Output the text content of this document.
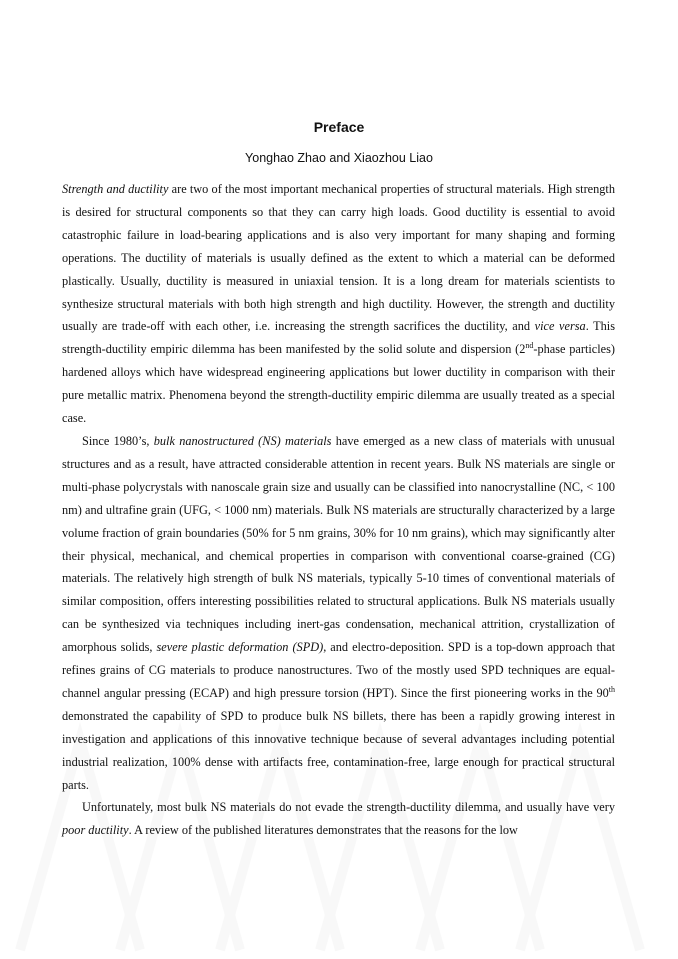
Preface
Yonghao Zhao and Xiaozhou Liao

Strength and ductility are two of the most important mechanical properties of structural materials. High strength is desired for structural components so that they can carry high loads. Good ductility is essential to avoid catastrophic failure in load-bearing applications and is also very important for many shaping and forming operations. The ductility of materials is usually defined as the extent to which a material can be deformed plastically. Usually, ductility is measured in uniaxial tension. It is a long dream for materials scientists to synthesize structural materials with both high strength and high ductility. However, the strength and ductility usually are trade-off with each other, i.e. increasing the strength sacrifices the ductility, and vice versa. This strength-ductility empiric dilemma has been manifested by the solid solute and dispersion (2nd-phase particles) hardened alloys which have widespread engineering applications but lower ductility in comparison with their pure metallic matrix. Phenomena beyond the strength-ductility empiric dilemma are usually treated as a special case.

Since 1980’s, bulk nanostructured (NS) materials have emerged as a new class of materials with unusual structures and as a result, have attracted considerable attention in recent years. Bulk NS materials are single or multi-phase polycrystals with nanoscale grain size and usually can be classified into nanocrystalline (NC, < 100 nm) and ultrafine grain (UFG, < 1000 nm) materials. Bulk NS materials are structurally characterized by a large volume fraction of grain boundaries (50% for 5 nm grains, 30% for 10 nm grains), which may significantly alter their physical, mechanical, and chemical properties in comparison with conventional coarse-grained (CG) materials. The relatively high strength of bulk NS materials, typically 5-10 times of conventional materials of similar composition, offers interesting possibilities related to structural applications. Bulk NS materials usually can be synthesized via techniques including inert-gas condensation, mechanical attrition, crystallization of amorphous solids, severe plastic deformation (SPD), and electro-deposition. SPD is a top-down approach that refines grains of CG materials to produce nanostructures. Two of the mostly used SPD techniques are equal-channel angular pressing (ECAP) and high pressure torsion (HPT). Since the first pioneering works in the 90th demonstrated the capability of SPD to produce bulk NS billets, there has been a rapidly growing interest in investigation and applications of this innovative technique because of several advantages including potential industrial realization, 100% dense with artifacts free, contamination-free, large enough for practical structural parts.

Unfortunately, most bulk NS materials do not evade the strength-ductility dilemma, and usually have very poor ductility. A review of the published literatures demonstrates that the reasons for the low
